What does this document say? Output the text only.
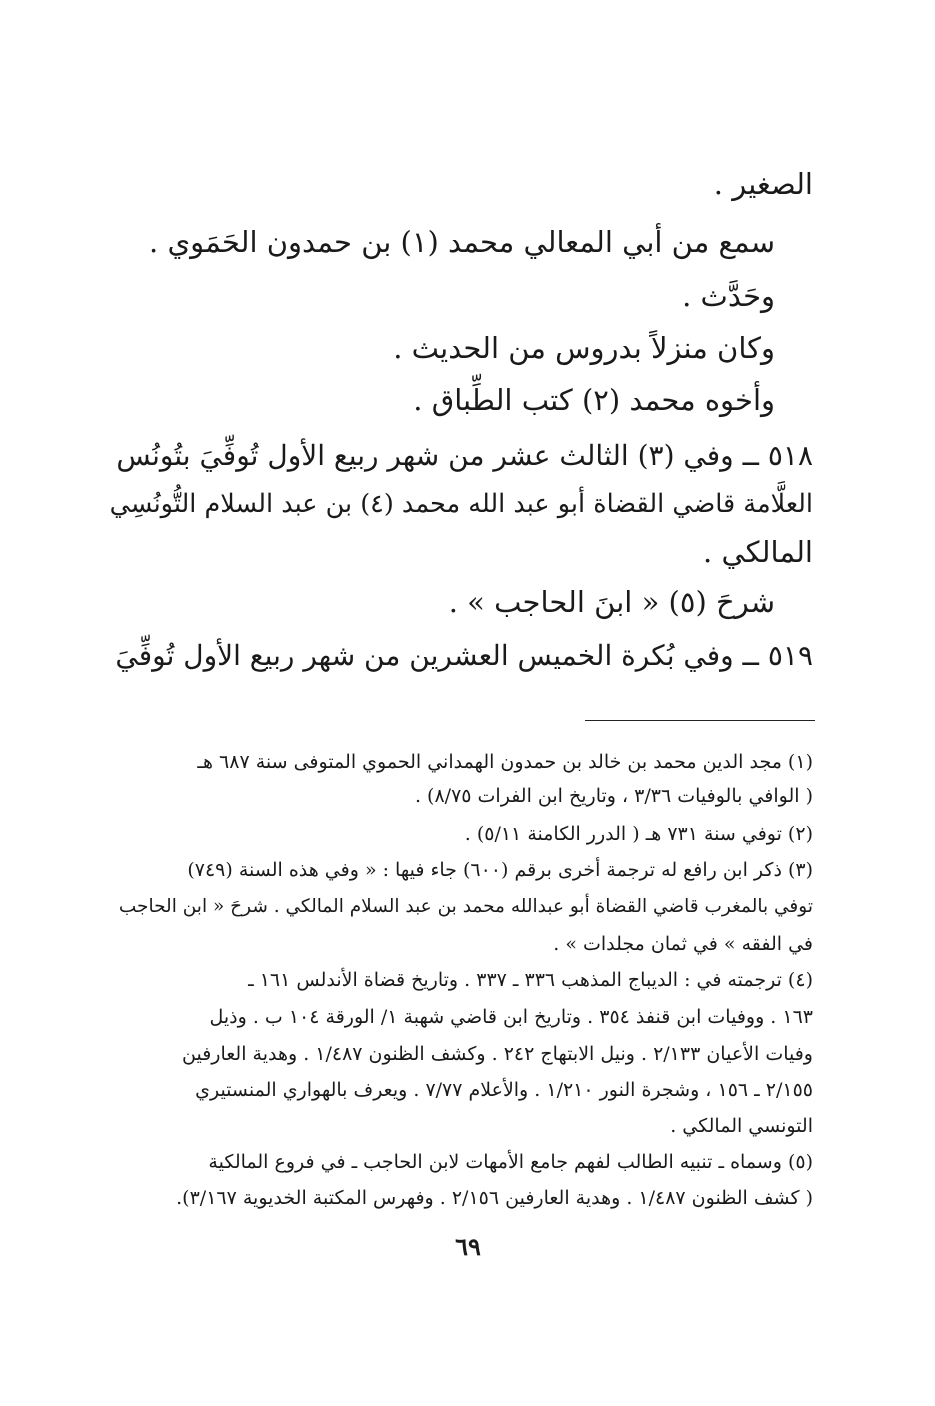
الصغير .
سمع من أبي المعالي محمد (١) بن حمدون الحَمَوي .
وحَدَّث .
وكان منزلاً بدروس من الحديث .
وأخوه محمد (٢) كتب الطِّباق .
٥١٨ ــ وفي (٣) الثالث عشر من شهر ربيع الأول تُوفِّيَ بتُونُس
العلَّامة قاضي القضاة أبو عبد الله محمد (٤) بن عبد السلام التُّونُسِي
المالكي .
شرحَ (٥) « ابنَ الحاجب » .
٥١٩ ــ وفي بُكرة الخميس العشرين من شهر ربيع الأول تُوفِّيَ
(١) مجد الدين محمد بن خالد بن حمدون الهمداني الحموي المتوفى سنة ٦٨٧ هـ
( الوافي بالوفيات ٣/٣٦ ، وتاريخ ابن الفرات ٨/٧٥) .
(٢) توفي سنة ٧٣١ هـ ( الدرر الكامنة ٥/١١) .
(٣) ذكر ابن رافع له ترجمة أخرى برقم (٦٠٠) جاء فيها : « وفي هذه السنة (٧٤٩)
توفي بالمغرب قاضي القضاة أبو عبدالله محمد بن عبد السلام المالكي . شرحَ « ابن الحاجب
في الفقه » في ثمان مجلدات » .
(٤) ترجمته في : الديباج المذهب ٣٣٦ ـ ٣٣٧ . وتاريخ قضاة الأندلس ١٦١ ـ
١٦٣ . ووفيات ابن قنفذ ٣٥٤ . وتاريخ ابن قاضي شهبة ١/ الورقة ١٠٤ ب . وذيل
وفيات الأعيان ٢/١٣٣ . ونيل الابتهاج ٢٤٢ . وكشف الظنون ١/٤٨٧ . وهدية العارفين
٢/١٥٥ ـ ١٥٦ ، وشجرة النور ١/٢١٠ . والأعلام ٧/٧٧ . ويعرف بالهواري المنستيري
التونسي المالكي .
(٥) وسماه ـ تنبيه الطالب لفهم جامع الأمهات لابن الحاجب ـ في فروع المالكية
( كشف الظنون ١/٤٨٧ . وهدية العارفين ٢/١٥٦ . وفهرس المكتبة الخديوية ٣/١٦٧).
٦٩
